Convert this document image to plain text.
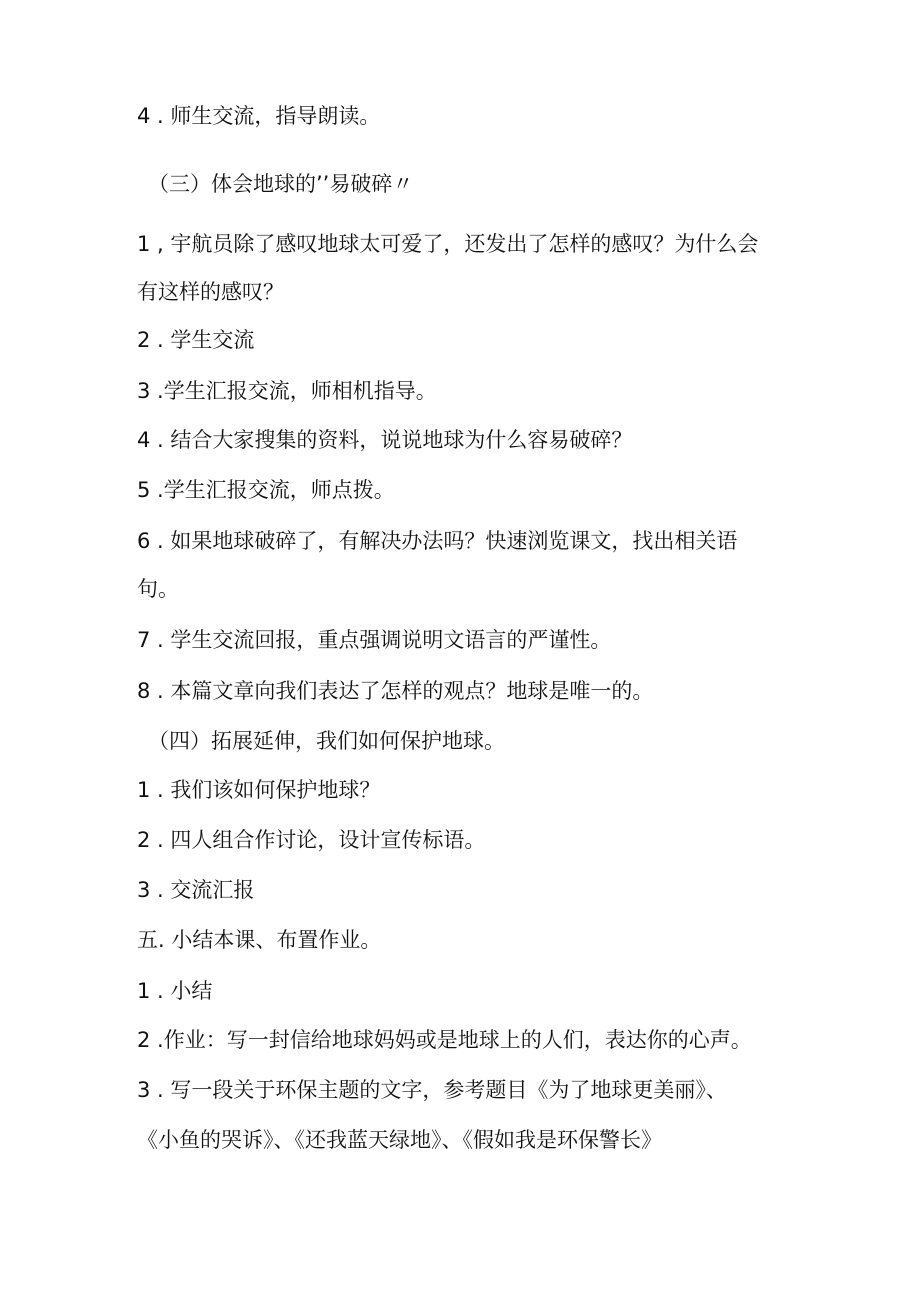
4 . 师生交流，指导朗读。

（三）体会地球的’’易破碎〃

1 , 宇航员除了感叹地球太可爱了，还发出了怎样的感叹？为什么会

有这样的感叹？

2 . 学生交流

3 .学生汇报交流，师相机指导。

4 . 结合大家搜集的资料，说说地球为什么容易破碎？

5 .学生汇报交流，师点拨。

6 . 如果地球破碎了，有解决办法吗？快速浏览课文，找出相关语

句。

7 . 学生交流回报，重点强调说明文语言的严谨性。

8 . 本篇文章向我们表达了怎样的观点？地球是唯一的。

（四）拓展延伸，我们如何保护地球。

1 . 我们该如何保护地球？

2 . 四人组合作讨论，设计宣传标语。

3 . 交流汇报

五. 小结本课、布置作业。

1 . 小结

2 .作业：写一封信给地球妈妈或是地球上的人们，表达你的心声。

3 . 写一段关于环保主题的文字，参考题目《为了地球更美丽》、

《小鱼的哭诉》、《还我蓝天绿地》、《假如我是环保警长》
